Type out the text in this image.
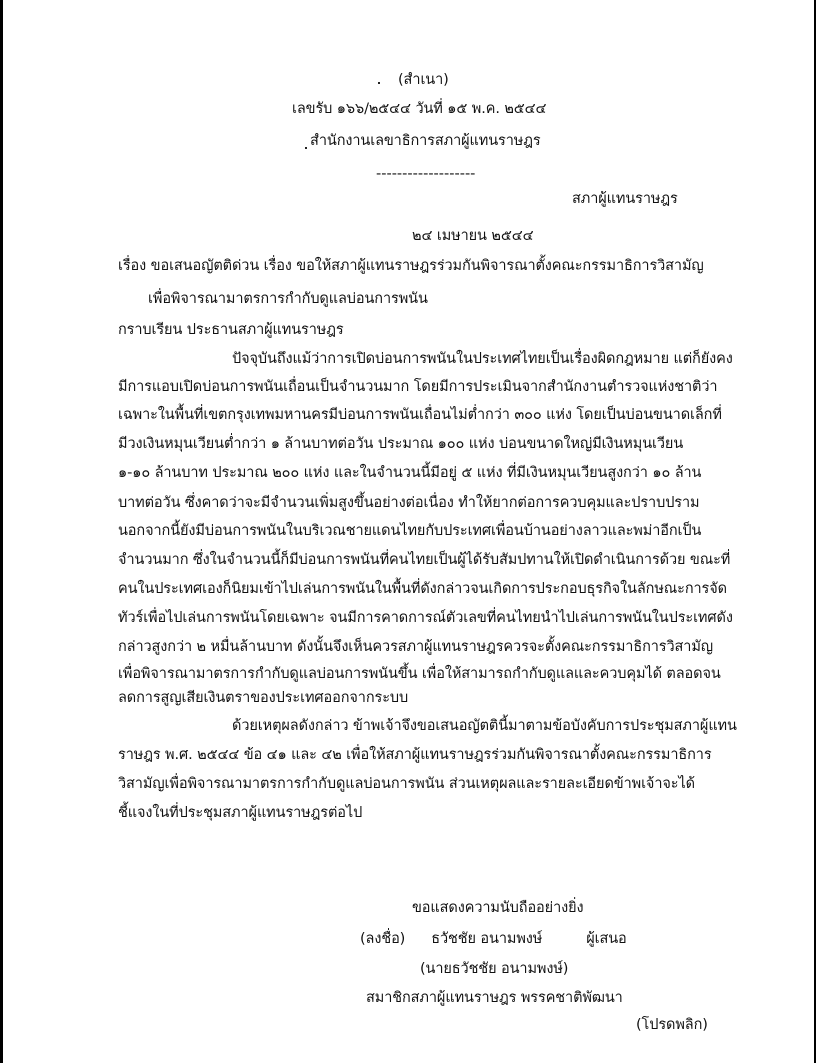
(สำเนา)
เลขรับ ๑๖๖/๒๕๔๔ วันที่ ๑๕ พ.ค. ๒๕๔๔
สำนักงานเลขาธิการสภาผู้แทนราษฎร
-------------------
สภาผู้แทนราษฎร
๒๔ เมษายน ๒๕๔๔
เรื่อง ขอเสนอญัตติด่วน เรื่อง ขอให้สภาผู้แทนราษฎรร่วมกันพิจารณาตั้งคณะกรรมาธิการวิสามัญ
เพื่อพิจารณามาตรการกำกับดูแลบ่อนการพนัน
กราบเรียน ประธานสภาผู้แทนราษฎร
ปัจจุบันถึงแม้ว่าการเปิดบ่อนการพนันในประเทศไทยเป็นเรื่องผิดกฎหมาย แต่ก็ยังคง
มีการแอบเปิดบ่อนการพนันเถื่อนเป็นจำนวนมาก โดยมีการประเมินจากสำนักงานตำรวจแห่งชาติว่า
เฉพาะในพื้นที่เขตกรุงเทพมหานครมีบ่อนการพนันเถื่อนไม่ต่ำกว่า ๓๐๐ แห่ง โดยเป็นบ่อนขนาดเล็กที่
มีวงเงินหมุนเวียนต่ำกว่า ๑ ล้านบาทต่อวัน ประมาณ ๑๐๐ แห่ง บ่อนขนาดใหญ่มีเงินหมุนเวียน
๑-๑๐ ล้านบาท ประมาณ ๒๐๐ แห่ง และในจำนวนนี้มีอยู่ ๕ แห่ง ที่มีเงินหมุนเวียนสูงกว่า ๑๐ ล้าน
บาทต่อวัน ซึ่งคาดว่าจะมีจำนวนเพิ่มสูงขึ้นอย่างต่อเนื่อง ทำให้ยากต่อการควบคุมและปราบปราม
นอกจากนี้ยังมีบ่อนการพนันในบริเวณชายแดนไทยกับประเทศเพื่อนบ้านอย่างลาวและพม่าอีกเป็น
จำนวนมาก ซึ่งในจำนวนนี้ก็มีบ่อนการพนันที่คนไทยเป็นผู้ได้รับสัมปทานให้เปิดดำเนินการด้วย ขณะที่
คนในประเทศเองก็นิยมเข้าไปเล่นการพนันในพื้นที่ดังกล่าวจนเกิดการประกอบธุรกิจในลักษณะการจัด
ทัวร์เพื่อไปเล่นการพนันโดยเฉพาะ จนมีการคาดการณ์ตัวเลขที่คนไทยนำไปเล่นการพนันในประเทศดัง
กล่าวสูงกว่า ๒ หมื่นล้านบาท ดังนั้นจึงเห็นควรสภาผู้แทนราษฎรควรจะตั้งคณะกรรมาธิการวิสามัญ
เพื่อพิจารณามาตรการกำกับดูแลบ่อนการพนันขึ้น เพื่อให้สามารถกำกับดูแลและควบคุมได้ ตลอดจน
ลดการสูญเสียเงินตราของประเทศออกจากระบบ
ด้วยเหตุผลดังกล่าว ข้าพเจ้าจึงขอเสนอญัตตินี้มาตามข้อบังคับการประชุมสภาผู้แทน
ราษฎร พ.ศ. ๒๕๔๔ ข้อ ๔๑ และ ๔๒ เพื่อให้สภาผู้แทนราษฎรร่วมกันพิจารณาตั้งคณะกรรมาธิการ
วิสามัญเพื่อพิจารณามาตรการกำกับดูแลบ่อนการพนัน ส่วนเหตุผลและรายละเอียดข้าพเจ้าจะได้
ชี้แจงในที่ประชุมสภาผู้แทนราษฎรต่อไป
ขอแสดงความนับถืออย่างยิ่ง
(ลงชื่อ) ธวัชชัย อนามพงษ์	ผู้เสนอ
(นายธวัชชัย อนามพงษ์)
สมาชิกสภาผู้แทนราษฎร พรรคชาติพัฒนา
(โปรดพลิก)
